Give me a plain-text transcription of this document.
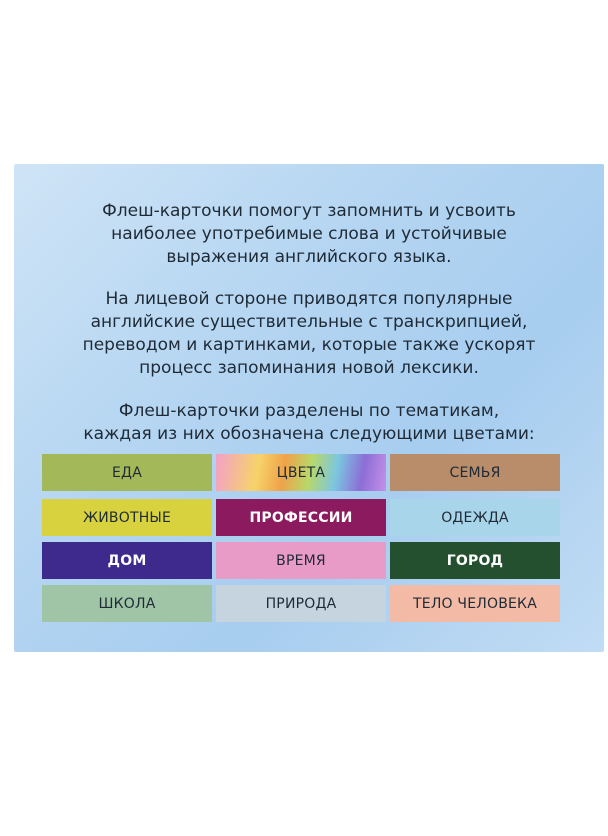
Флеш-карточки помогут запомнить и усвоить
наиболее употребимые слова и устойчивые
выражения английского языка.
На лицевой стороне приводятся популярные
английские существительные с транскрипцией,
переводом и картинками, которые также ускорят
процесс запоминания новой лексики.
Флеш-карточки разделены по тематикам,
каждая из них обозначена следующими цветами:
ЕДА	ЦВЕТА	СЕМЬЯ
ЖИВОТНЫЕ	ПРОФЕССИИ	ОДЕЖДА
ДОМ	ВРЕМЯ	ГОРОД
ШКОЛА	ПРИРОДА	ТЕЛО ЧЕЛОВЕКА
